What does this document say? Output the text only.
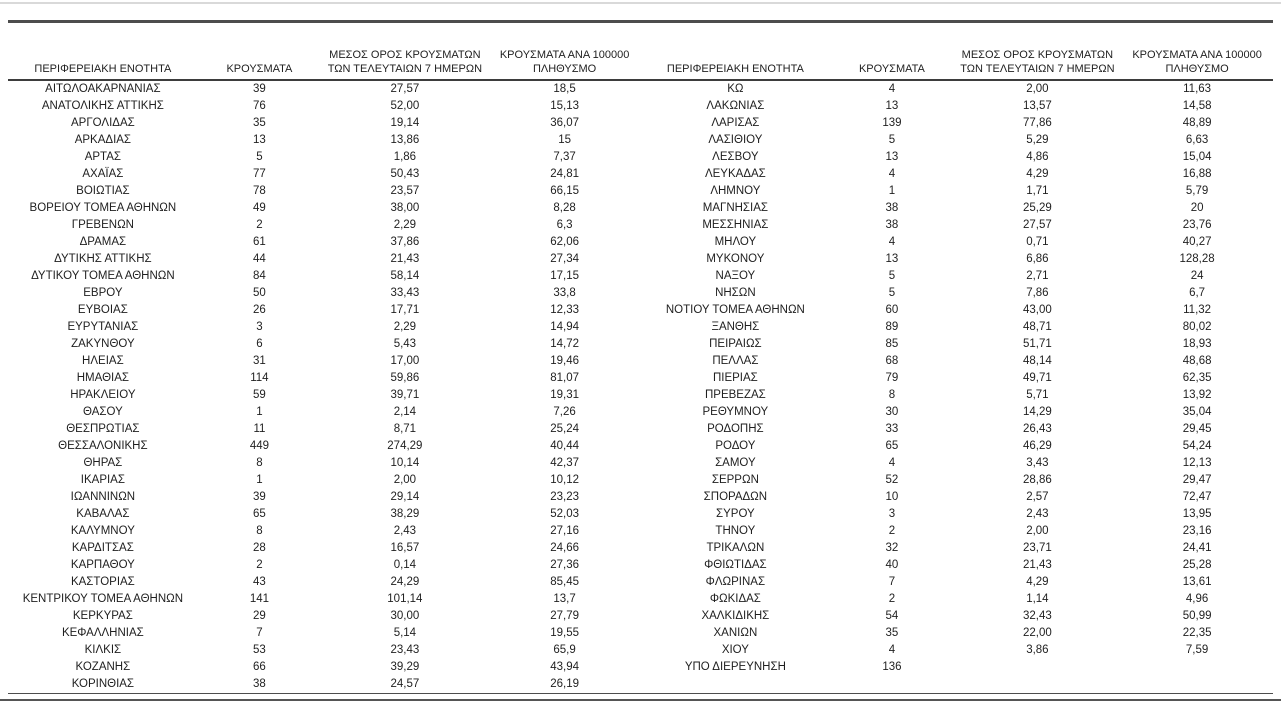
ΠΕΡΙΦΕΡΕΙΑΚΗ ΕΝΟΤΗΤΑ	ΚΡΟΥΣΜΑΤΑ	ΜΕΣΟΣ ΟΡΟΣ ΚΡΟΥΣΜΑΤΩΝ ΤΩΝ ΤΕΛΕΥΤΑΙΩΝ 7 ΗΜΕΡΩΝ	ΚΡΟΥΣΜΑΤΑ ΑΝΑ 100000 ΠΛΗΘΥΣΜΟ
ΑΙΤΩΛΟΑΚΑΡΝΑΝΙΑΣ	39	27,57	18,5
ΑΝΑΤΟΛΙΚΗΣ ΑΤΤΙΚΗΣ	76	52,00	15,13
ΑΡΓΟΛΙΔΑΣ	35	19,14	36,07
ΑΡΚΑΔΙΑΣ	13	13,86	15
ΑΡΤΑΣ	5	1,86	7,37
ΑΧΑΪΑΣ	77	50,43	24,81
ΒΟΙΩΤΙΑΣ	78	23,57	66,15
ΒΟΡΕΙΟΥ ΤΟΜΕΑ ΑΘΗΝΩΝ	49	38,00	8,28
ΓΡΕΒΕΝΩΝ	2	2,29	6,3
ΔΡΑΜΑΣ	61	37,86	62,06
ΔΥΤΙΚΗΣ ΑΤΤΙΚΗΣ	44	21,43	27,34
ΔΥΤΙΚΟΥ ΤΟΜΕΑ ΑΘΗΝΩΝ	84	58,14	17,15
ΕΒΡΟΥ	50	33,43	33,8
ΕΥΒΟΙΑΣ	26	17,71	12,33
ΕΥΡΥΤΑΝΙΑΣ	3	2,29	14,94
ΖΑΚΥΝΘΟΥ	6	5,43	14,72
ΗΛΕΙΑΣ	31	17,00	19,46
ΗΜΑΘΙΑΣ	114	59,86	81,07
ΗΡΑΚΛΕΙΟΥ	59	39,71	19,31
ΘΑΣΟΥ	1	2,14	7,26
ΘΕΣΠΡΩΤΙΑΣ	11	8,71	25,24
ΘΕΣΣΑΛΟΝΙΚΗΣ	449	274,29	40,44
ΘΗΡΑΣ	8	10,14	42,37
ΙΚΑΡΙΑΣ	1	2,00	10,12
ΙΩΑΝΝΙΝΩΝ	39	29,14	23,23
ΚΑΒΑΛΑΣ	65	38,29	52,03
ΚΑΛΥΜΝΟΥ	8	2,43	27,16
ΚΑΡΔΙΤΣΑΣ	28	16,57	24,66
ΚΑΡΠΑΘΟΥ	2	0,14	27,36
ΚΑΣΤΟΡΙΑΣ	43	24,29	85,45
ΚΕΝΤΡΙΚΟΥ ΤΟΜΕΑ ΑΘΗΝΩΝ	141	101,14	13,7
ΚΕΡΚΥΡΑΣ	29	30,00	27,79
ΚΕΦΑΛΛΗΝΙΑΣ	7	5,14	19,55
ΚΙΛΚΙΣ	53	23,43	65,9
ΚΟΖΑΝΗΣ	66	39,29	43,94
ΚΟΡΙΝΘΙΑΣ	38	24,57	26,19
ΠΕΡΙΦΕΡΕΙΑΚΗ ΕΝΟΤΗΤΑ	ΚΡΟΥΣΜΑΤΑ	ΜΕΣΟΣ ΟΡΟΣ ΚΡΟΥΣΜΑΤΩΝ ΤΩΝ ΤΕΛΕΥΤΑΙΩΝ 7 ΗΜΕΡΩΝ	ΚΡΟΥΣΜΑΤΑ ΑΝΑ 100000 ΠΛΗΘΥΣΜΟ
ΚΩ	4	2,00	11,63
ΛΑΚΩΝΙΑΣ	13	13,57	14,58
ΛΑΡΙΣΑΣ	139	77,86	48,89
ΛΑΣΙΘΙΟΥ	5	5,29	6,63
ΛΕΣΒΟΥ	13	4,86	15,04
ΛΕΥΚΑΔΑΣ	4	4,29	16,88
ΛΗΜΝΟΥ	1	1,71	5,79
ΜΑΓΝΗΣΙΑΣ	38	25,29	20
ΜΕΣΣΗΝΙΑΣ	38	27,57	23,76
ΜΗΛΟΥ	4	0,71	40,27
ΜΥΚΟΝΟΥ	13	6,86	128,28
ΝΑΞΟΥ	5	2,71	24
ΝΗΣΩΝ	5	7,86	6,7
ΝΟΤΙΟΥ ΤΟΜΕΑ ΑΘΗΝΩΝ	60	43,00	11,32
ΞΑΝΘΗΣ	89	48,71	80,02
ΠΕΙΡΑΙΩΣ	85	51,71	18,93
ΠΕΛΛΑΣ	68	48,14	48,68
ΠΙΕΡΙΑΣ	79	49,71	62,35
ΠΡΕΒΕΖΑΣ	8	5,71	13,92
ΡΕΘΥΜΝΟΥ	30	14,29	35,04
ΡΟΔΟΠΗΣ	33	26,43	29,45
ΡΟΔΟΥ	65	46,29	54,24
ΣΑΜΟΥ	4	3,43	12,13
ΣΕΡΡΩΝ	52	28,86	29,47
ΣΠΟΡΑΔΩΝ	10	2,57	72,47
ΣΥΡΟΥ	3	2,43	13,95
ΤΗΝΟΥ	2	2,00	23,16
ΤΡΙΚΑΛΩΝ	32	23,71	24,41
ΦΘΙΩΤΙΔΑΣ	40	21,43	25,28
ΦΛΩΡΙΝΑΣ	7	4,29	13,61
ΦΩΚΙΔΑΣ	2	1,14	4,96
ΧΑΛΚΙΔΙΚΗΣ	54	32,43	50,99
ΧΑΝΙΩΝ	35	22,00	22,35
ΧΙΟΥ	4	3,86	7,59
ΥΠΟ ΔΙΕΡΕΥΝΗΣΗ	136		
